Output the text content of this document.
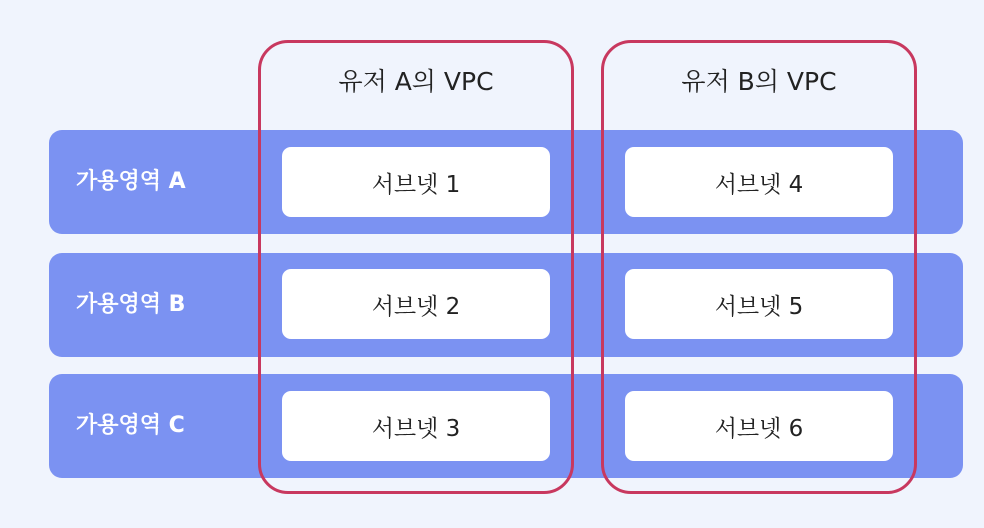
가용영역 A
가용영역 B
가용영역 C
서브넷 1
서브넷 2
서브넷 3
서브넷 4
서브넷 5
서브넷 6
유저 A의 VPC	유저 B의 VPC
